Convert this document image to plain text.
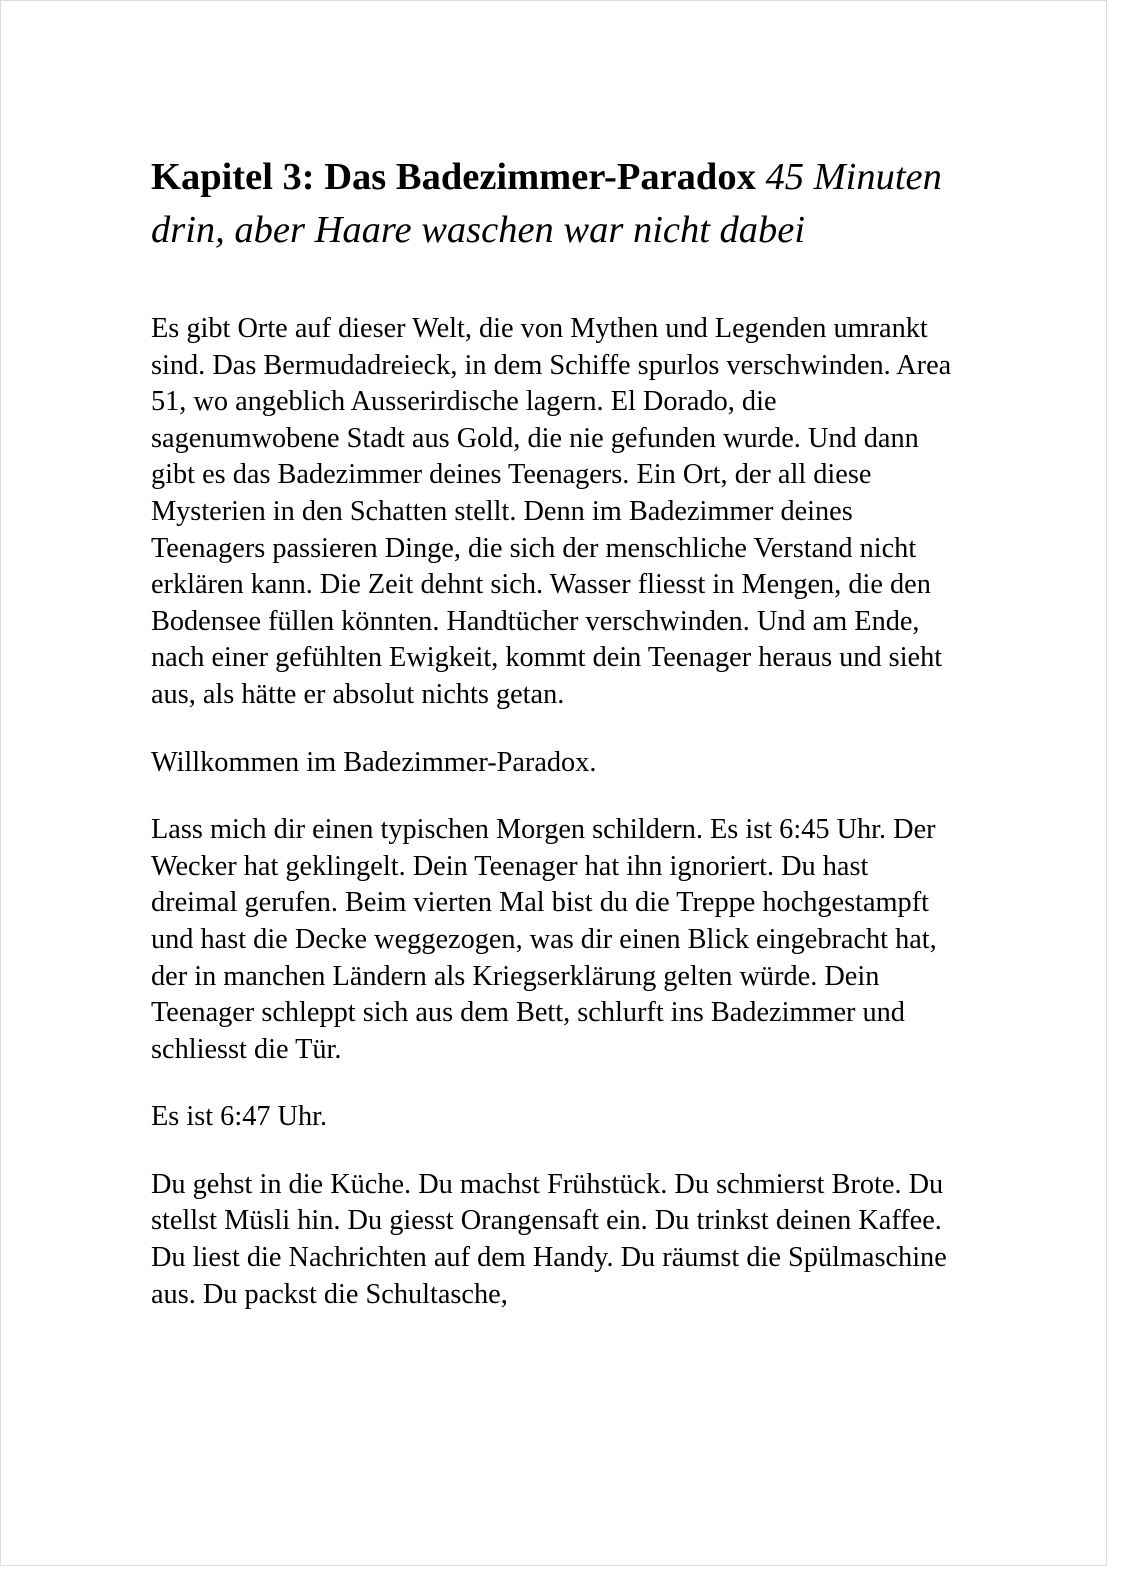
Kapitel 3: Das Badezimmer-Paradox 45 Minuten drin, aber Haare waschen war nicht dabei

Es gibt Orte auf dieser Welt, die von Mythen und Legenden umrankt sind. Das Bermudadreieck, in dem Schiffe spurlos verschwinden. Area 51, wo angeblich Ausserirdische lagern. El Dorado, die sagenumwobene Stadt aus Gold, die nie gefunden wurde. Und dann gibt es das Badezimmer deines Teenagers. Ein Ort, der all diese Mysterien in den Schatten stellt. Denn im Badezimmer deines Teenagers passieren Dinge, die sich der menschliche Verstand nicht erklären kann. Die Zeit dehnt sich. Wasser fliesst in Mengen, die den Bodensee füllen könnten. Handtücher verschwinden. Und am Ende, nach einer gefühlten Ewigkeit, kommt dein Teenager heraus und sieht aus, als hätte er absolut nichts getan.

Willkommen im Badezimmer-Paradox.

Lass mich dir einen typischen Morgen schildern. Es ist 6:45 Uhr. Der Wecker hat geklingelt. Dein Teenager hat ihn ignoriert. Du hast dreimal gerufen. Beim vierten Mal bist du die Treppe hochgestampft und hast die Decke weggezogen, was dir einen Blick eingebracht hat, der in manchen Ländern als Kriegserklärung gelten würde. Dein Teenager schleppt sich aus dem Bett, schlurft ins Badezimmer und schliesst die Tür.

Es ist 6:47 Uhr.

Du gehst in die Küche. Du machst Frühstück. Du schmierst Brote. Du stellst Müsli hin. Du giesst Orangensaft ein. Du trinkst deinen Kaffee. Du liest die Nachrichten auf dem Handy. Du räumst die Spülmaschine aus. Du packst die Schultasche,
